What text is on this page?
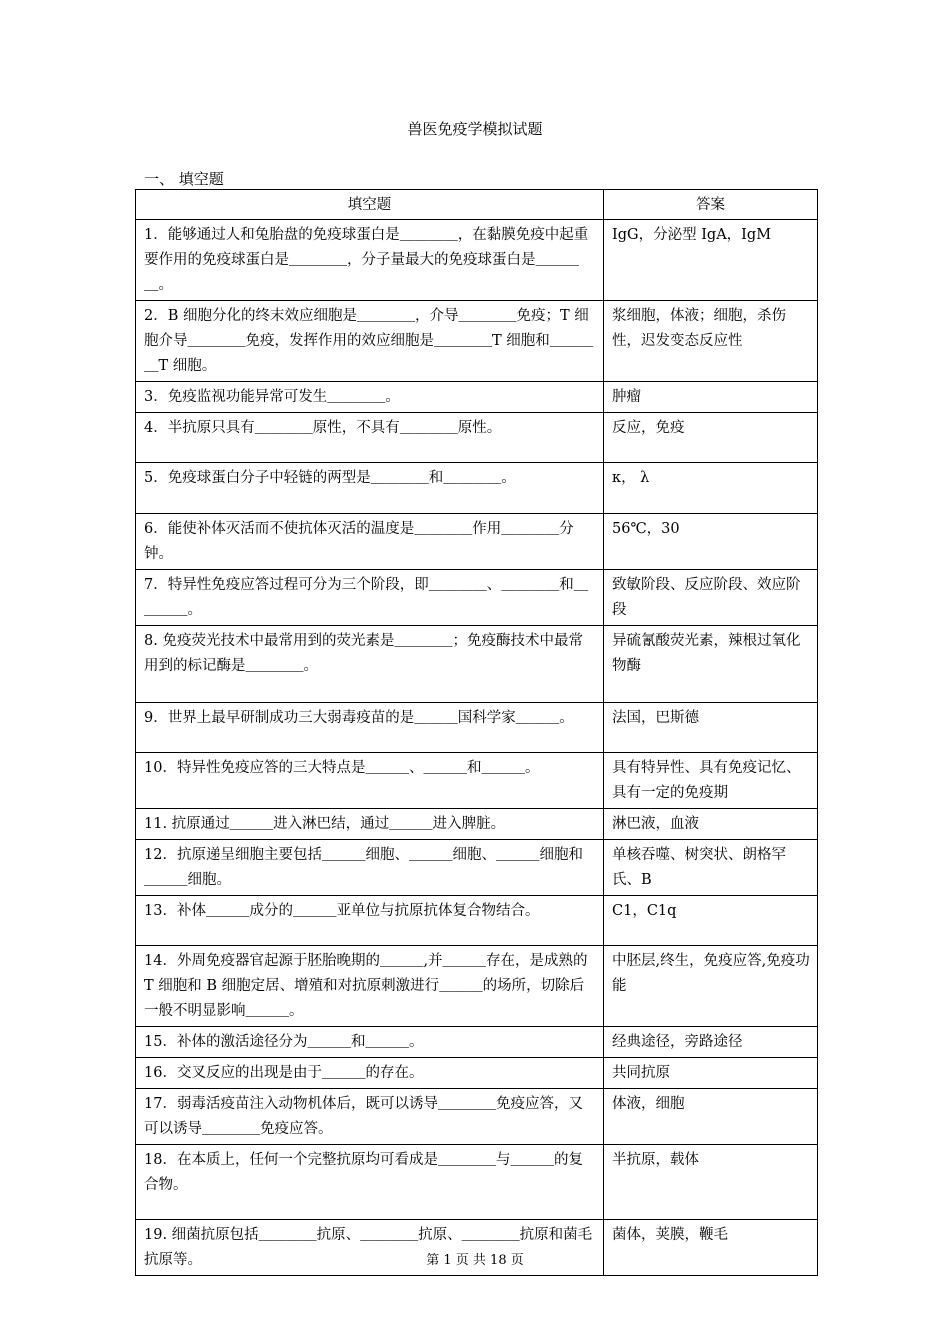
兽医免疫学模拟试题
一、 填空题
填空题	答案
1．能够通过人和兔胎盘的免疫球蛋白是＿＿＿＿，在黏膜免疫中起重要作用的免疫球蛋白是＿＿＿＿，分子量最大的免疫球蛋白是＿＿＿＿。	IgG，分泌型 IgA，IgM
2．B 细胞分化的终末效应细胞是＿＿＿＿，介导＿＿＿＿免疫；T 细胞介导＿＿＿＿免疫，发挥作用的效应细胞是＿＿＿＿T 细胞和＿＿＿＿T 细胞。	浆细胞，体液；细胞，杀伤性，迟发变态反应性
3．免疫监视功能异常可发生＿＿＿＿。	肿瘤
4．半抗原只具有＿＿＿＿原性，不具有＿＿＿＿原性。	反应，免疫
5．免疫球蛋白分子中轻链的两型是＿＿＿＿和＿＿＿＿。	κ， λ
6．能使补体灭活而不使抗体灭活的温度是＿＿＿＿作用＿＿＿＿分钟。	56℃，30
7．特异性免疫应答过程可分为三个阶段，即＿＿＿＿、＿＿＿＿和＿＿＿＿。	致敏阶段、反应阶段、效应阶段
8. 免疫荧光技术中最常用到的荧光素是＿＿＿＿；免疫酶技术中最常用到的标记酶是＿＿＿＿。	异硫氰酸荧光素，辣根过氧化物酶
9．世界上最早研制成功三大弱毒疫苗的是＿＿＿国科学家＿＿＿。	法国，巴斯德
10．特异性免疫应答的三大特点是＿＿＿、＿＿＿和＿＿＿。	具有特异性、具有免疫记忆、具有一定的免疫期
11. 抗原通过＿＿＿进入淋巴结，通过＿＿＿进入脾脏。	淋巴液，血液
12．抗原递呈细胞主要包括＿＿＿细胞、＿＿＿细胞、＿＿＿细胞和＿＿＿细胞。	单核吞噬、树突状、朗格罕氏、B
13．补体＿＿＿成分的＿＿＿亚单位与抗原抗体复合物结合。	C1，C1q
14．外周免疫器官起源于胚胎晚期的＿＿＿,并＿＿＿存在，是成熟的 T 细胞和 B 细胞定居、增殖和对抗原刺激进行＿＿＿的场所，切除后一般不明显影响＿＿＿。	中胚层,终生，免疫应答,免疫功能
15．补体的激活途径分为＿＿＿和＿＿＿。	经典途径，旁路途径
16．交叉反应的出现是由于＿＿＿的存在。	共同抗原
17．弱毒活疫苗注入动物机体后，既可以诱导＿＿＿＿免疫应答，又可以诱导＿＿＿＿免疫应答。	体液，细胞
18．在本质上，任何一个完整抗原均可看成是＿＿＿＿与＿＿＿的复合物。	半抗原，载体
19. 细菌抗原包括＿＿＿＿抗原、＿＿＿＿抗原、＿＿＿＿抗原和菌毛抗原等。	菌体，荚膜，鞭毛
第 1 页 共 18 页
